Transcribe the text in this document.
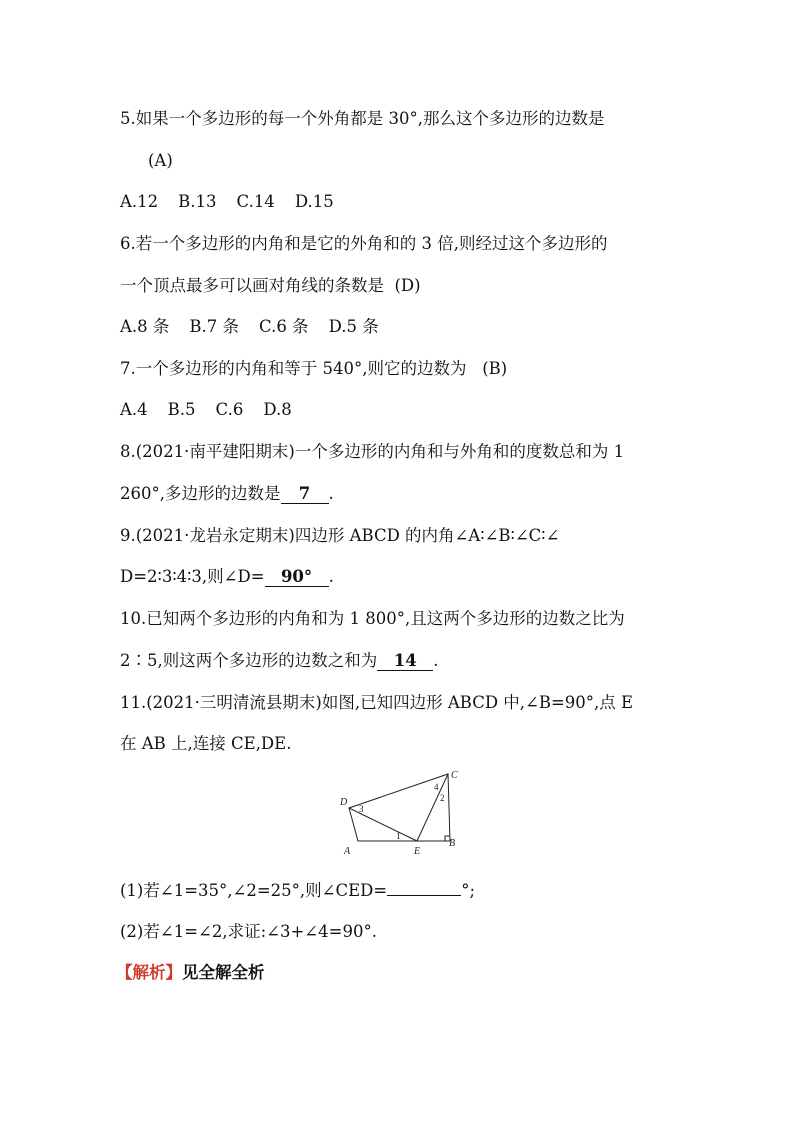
5.如果一个多边形的每一个外角都是 30°,那么这个多边形的边数是
(A)
A.12 B.13 C.14 D.15
6.若一个多边形的内角和是它的外角和的 3 倍,则经过这个多边形的
一个顶点最多可以画对角线的条数是 (D)
A.8 条 B.7 条 C.6 条 D.5 条
7.一个多边形的内角和等于 540°,则它的边数为 (B)
A.4 B.5 C.6 D.8
8.(2021·南平建阳期末)一个多边形的内角和与外角和的度数总和为 1
260°,多边形的边数是 7 .
9.(2021·龙岩永定期末)四边形 ABCD 的内角∠A∶∠B∶∠C∶∠
D=2∶3∶4∶3,则∠D= 90° .
10.已知两个多边形的内角和为 1 800°,且这两个多边形的边数之比为
2∶5,则这两个多边形的边数之和为 14 .
11.(2021·三明清流县期末)如图,已知四边形 ABCD 中,∠B=90°,点 E
在 AB 上,连接 CE,DE.
A
B
C
D
E
1
2
3
4
(1)若∠1=35°,∠2=25°,则∠CED=	°;
(2)若∠1=∠2,求证:∠3+∠4=90°.
【解析】见全解全析
